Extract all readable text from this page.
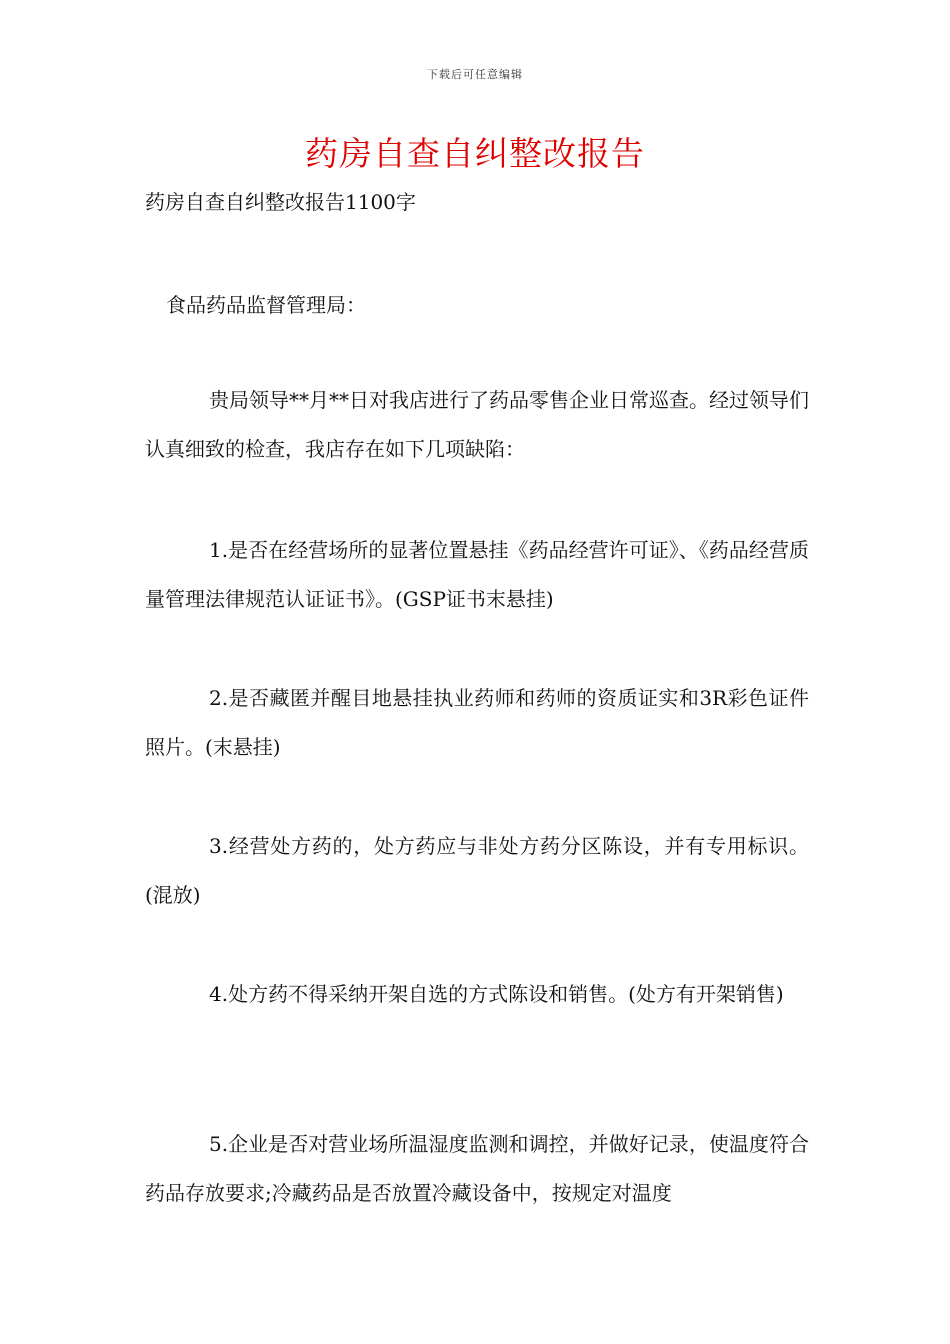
下载后可任意编辑
药房自查自纠整改报告
药房自查自纠整改报告1100字
食品药品监督管理局：

贵局领导**月**日对我店进行了药品零售企业日常巡查。经过领导们认真细致的检查，我店存在如下几项缺陷：

1.是否在经营场所的显著位置悬挂《药品经营许可证》、《药品经营质量管理法律规范认证证书》。(GSP证书末悬挂)

2.是否藏匿并醒目地悬挂执业药师和药师的资质证实和3R彩色证件照片。(末悬挂)

3.经营处方药的，处方药应与非处方药分区陈设，并有专用标识。(混放)

4.处方药不得采纳开架自选的方式陈设和销售。(处方有开架销售)

5.企业是否对营业场所温湿度监测和调控，并做好记录，使温度符合药品存放要求;冷藏药品是否放置冷藏设备中，按规定对温度
